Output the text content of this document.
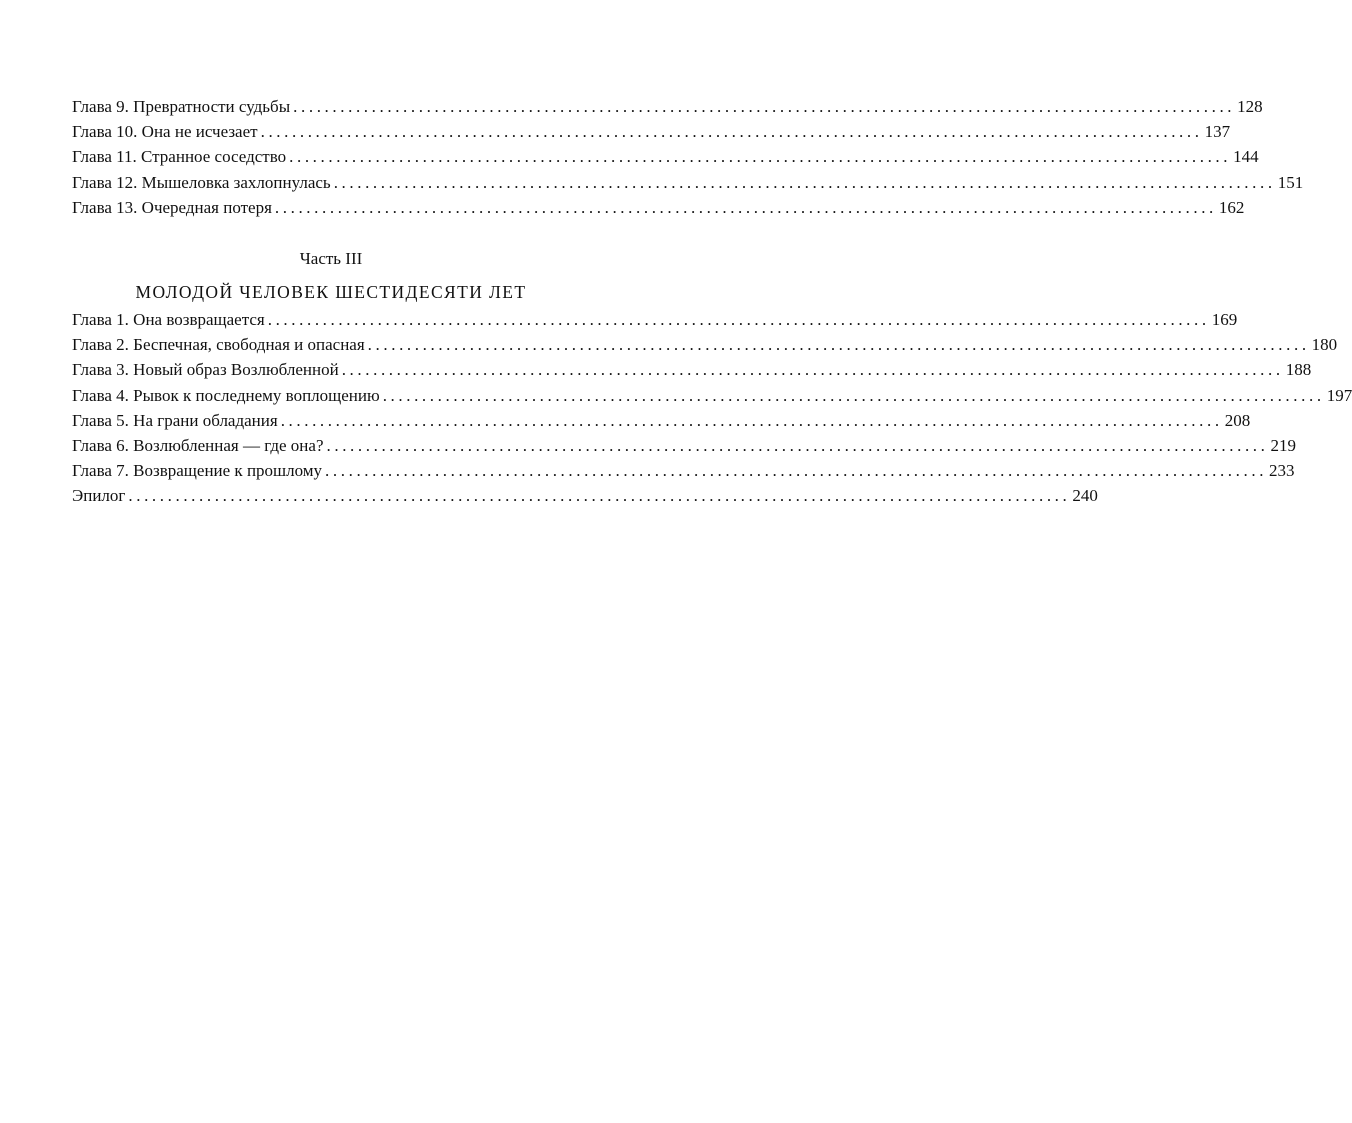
Глава 9. Превратности судьбы ........................................................................................................................ 128
Глава 10. Она не исчезает ........................................................................................................................ 137
Глава 11. Странное соседство ........................................................................................................................ 144
Глава 12. Мышеловка захлопнулась ........................................................................................................................ 151
Глава 13. Очередная потеря ........................................................................................................................ 162
Часть III
МОЛОДОЙ ЧЕЛОВЕК ШЕСТИДЕСЯТИ ЛЕТ
Глава 1. Она возвращается ........................................................................................................................ 169
Глава 2. Беспечная, свободная и опасная ........................................................................................................................ 180
Глава 3. Новый образ Возлюбленной ........................................................................................................................ 188
Глава 4. Рывок к последнему воплощению ........................................................................................................................ 197
Глава 5. На грани обладания ........................................................................................................................ 208
Глава 6. Возлюбленная — где она? ........................................................................................................................ 219
Глава 7. Возвращение к прошлому ........................................................................................................................ 233
Эпилог ........................................................................................................................ 240
